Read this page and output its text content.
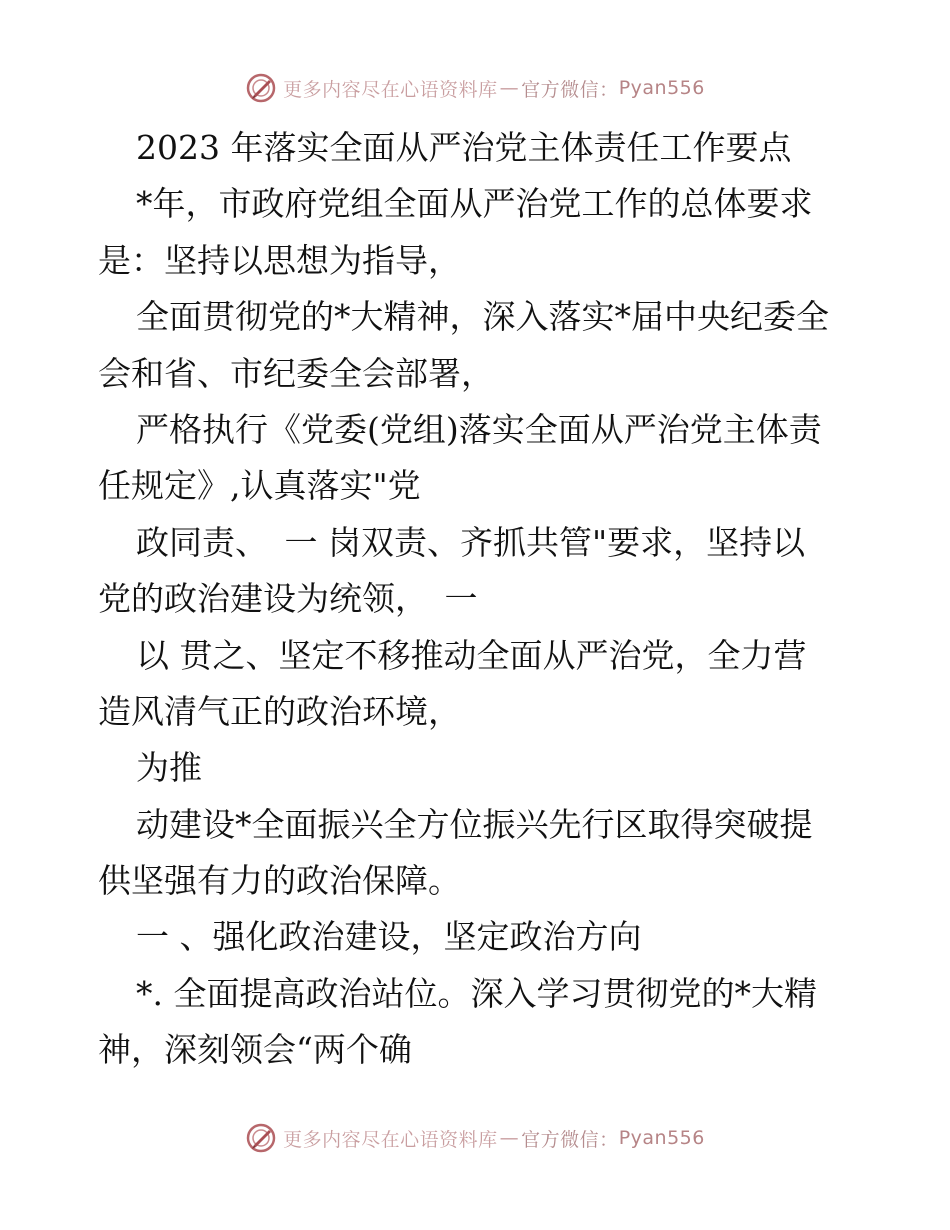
更多内容尽在心语资料库 — 官方微信： Pyan556
2023 年落实全面从严治党主体责任工作要点
*年，市政府党组全面从严治党工作的总体要求
是：坚持以思想为指导，
全面贯彻党的*大精神，深入落实*届中央纪委全
会和省、市纪委全会部署，
严格执行《党委(党组)落实全面从严治党主体责
任规定》,认真落实"党
政同责、　一 岗双责、齐抓共管"要求，坚持以
党的政治建设为统领，　一
以 贯之、坚定不移推动全面从严治党，全力营
造风清气正的政治环境，
为推
动建设*全面振兴全方位振兴先行区取得突破提
供坚强有力的政治保障。
一 、强化政治建设，坚定政治方向
*. 全面提高政治站位。深入学习贯彻党的*大精
神，深刻领会“两个确
更多内容尽在心语资料库 — 官方微信： Pyan556
